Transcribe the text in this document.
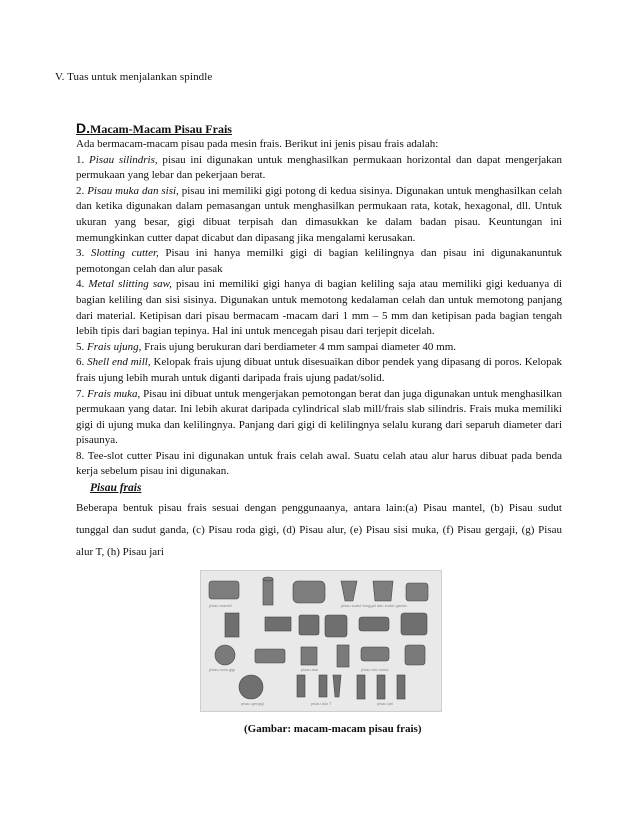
V. Tuas untuk menjalankan spindle
D.Macam-Macam Pisau Frais

Ada bermacam-macam pisau pada mesin frais. Berikut ini jenis pisau frais adalah:

1. Pisau silindris, pisau ini digunakan untuk menghasilkan permukaan horizontal dan dapat mengerjakan permukaan yang lebar dan pekerjaan berat.

2. Pisau muka dan sisi, pisau ini memiliki gigi potong di kedua sisinya. Digunakan untuk menghasilkan celah dan ketika digunakan dalam pemasangan untuk menghasilkan permukaan rata, kotak, hexagonal, dll. Untuk ukuran yang besar, gigi dibuat terpisah dan dimasukkan ke dalam badan pisau. Keuntungan ini memungkinkan cutter dapat dicabut dan dipasang jika mengalami kerusakan.

3. Slotting cutter, Pisau ini hanya memilki gigi di bagian kelilingnya dan pisau ini digunakanuntuk pemotongan celah dan alur pasak

4. Metal slitting saw, pisau ini memiliki gigi hanya di bagian keliling saja atau memiliki gigi keduanya di bagian keliling dan sisi sisinya. Digunakan untuk memotong kedalaman celah dan untuk memotong panjang dari material. Ketipisan dari pisau bermacam -macam dari 1 mm – 5 mm dan ketipisan pada bagian tengah lebih tipis dari bagian tepinya. Hal ini untuk mencegah pisau dari terjepit dicelah.

5. Frais ujung, Frais ujung berukuran dari berdiameter 4 mm sampai diameter 40 mm.

6. Shell end mill, Kelopak frais ujung dibuat untuk disesuaikan dibor pendek yang dipasang di poros. Kelopak frais ujung lebih murah untuk diganti daripada frais ujung padat/solid.

7. Frais muka, Pisau ini dibuat untuk mengerjakan pemotongan berat dan juga digunakan untuk menghasilkan permukaan yang datar. Ini lebih akurat daripada cylindrical slab mill/frais slab silindris. Frais muka memiliki gigi di ujung muka dan kelilingnya. Panjang dari gigi di kelilingnya selalu kurang dari separuh diameter dari pisaunya.

8. Tee-slot cutter Pisau ini digunakan untuk frais celah awal. Suatu celah atau alur harus dibuat pada benda kerja sebelum pisau ini digunakan.

Pisau frais
Beberapa bentuk pisau frais sesuai dengan penggunaanya, antara lain:(a) Pisau mantel, (b) Pisau sudut tunggal dan sudut ganda, (c) Pisau roda gigi, (d) Pisau alur, (e) Pisau sisi muka, (f) Pisau gergaji, (g) Pisau alur T, (h) Pisau jari
pisau mantel	pisau sudut tunggal dan sudut ganda
pisau roda gigi	pisau alur	pisau sisi muka
pisau gergaji	pisau alur T	pisau jari
(Gambar: macam-macam pisau frais)
